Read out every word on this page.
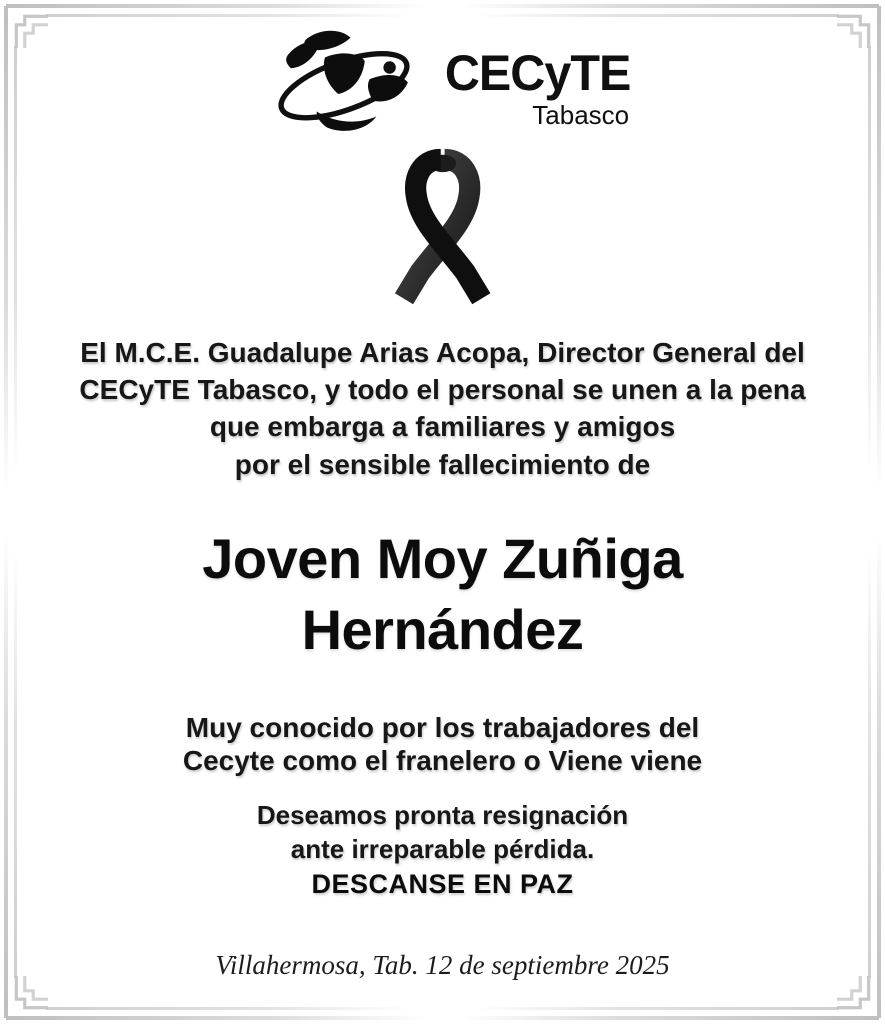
CECyTE
Tabasco
El M.C.E. Guadalupe Arias Acopa, Director General del
CECyTE Tabasco, y todo el personal se unen a la pena
que embarga a familiares y amigos
por el sensible fallecimiento de
Joven Moy Zuñiga
Hernández
Muy conocido por los trabajadores del
Cecyte como el franelero o Viene viene
Deseamos pronta resignación
ante irreparable pérdida.
DESCANSE EN PAZ
Villahermosa, Tab. 12 de septiembre 2025
